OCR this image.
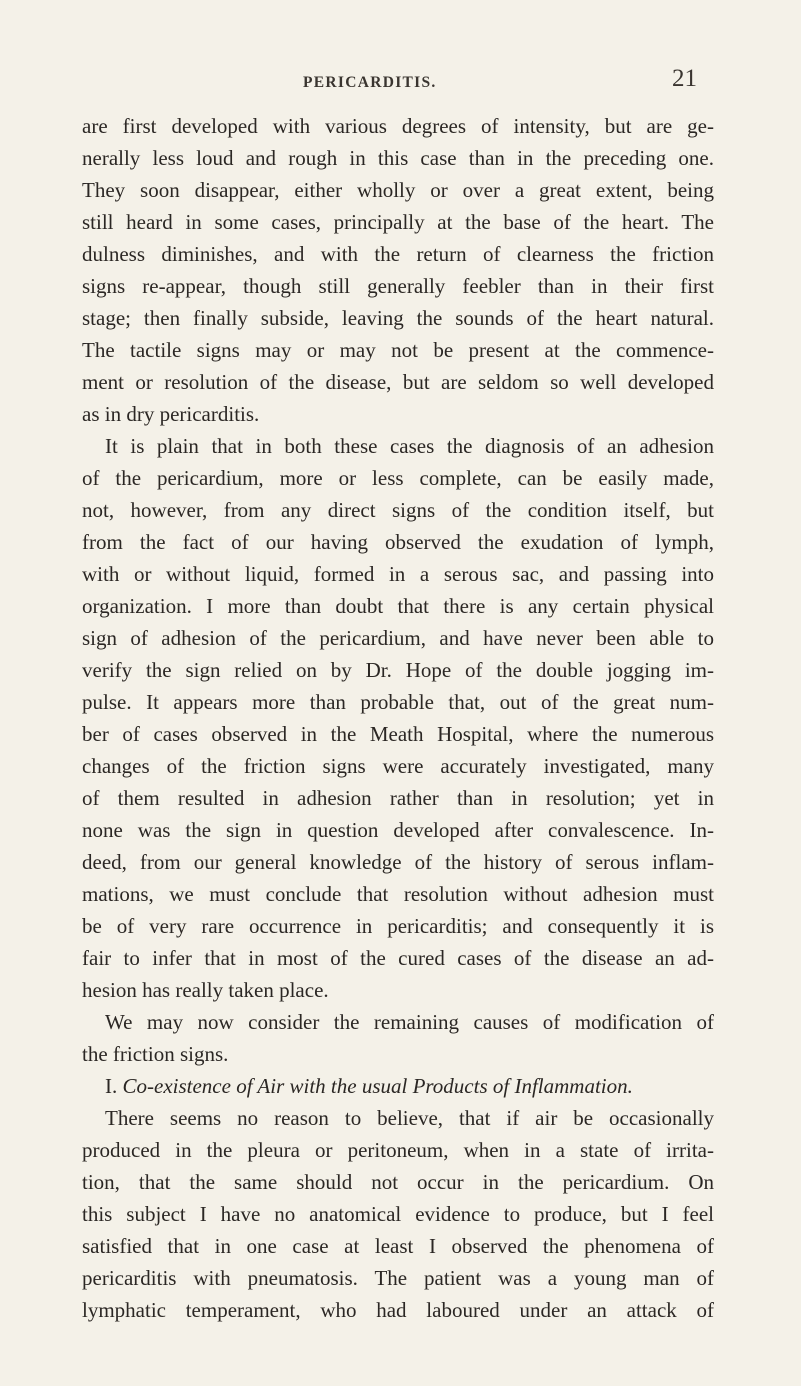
PERICARDITIS.	21
are first developed with various degrees of intensity, but are ge-
nerally less loud and rough in this case than in the preceding one.
They soon disappear, either wholly or over a great extent, being
still heard in some cases, principally at the base of the heart. The
dulness diminishes, and with the return of clearness the friction
signs re-appear, though still generally feebler than in their first
stage; then finally subside, leaving the sounds of the heart natural.
The tactile signs may or may not be present at the commence-
ment or resolution of the disease, but are seldom so well developed
as in dry pericarditis.
It is plain that in both these cases the diagnosis of an adhesion
of the pericardium, more or less complete, can be easily made,
not, however, from any direct signs of the condition itself, but
from the fact of our having observed the exudation of lymph,
with or without liquid, formed in a serous sac, and passing into
organization. I more than doubt that there is any certain physical
sign of adhesion of the pericardium, and have never been able to
verify the sign relied on by Dr. Hope of the double jogging im-
pulse. It appears more than probable that, out of the great num-
ber of cases observed in the Meath Hospital, where the numerous
changes of the friction signs were accurately investigated, many
of them resulted in adhesion rather than in resolution; yet in
none was the sign in question developed after convalescence. In-
deed, from our general knowledge of the history of serous inflam-
mations, we must conclude that resolution without adhesion must
be of very rare occurrence in pericarditis; and consequently it is
fair to infer that in most of the cured cases of the disease an ad-
hesion has really taken place.
We may now consider the remaining causes of modification of
the friction signs.
I. Co-existence of Air with the usual Products of Inflammation.
There seems no reason to believe, that if air be occasionally
produced in the pleura or peritoneum, when in a state of irrita-
tion, that the same should not occur in the pericardium. On
this subject I have no anatomical evidence to produce, but I feel
satisfied that in one case at least I observed the phenomena of
pericarditis with pneumatosis. The patient was a young man of
lymphatic temperament, who had laboured under an attack of
